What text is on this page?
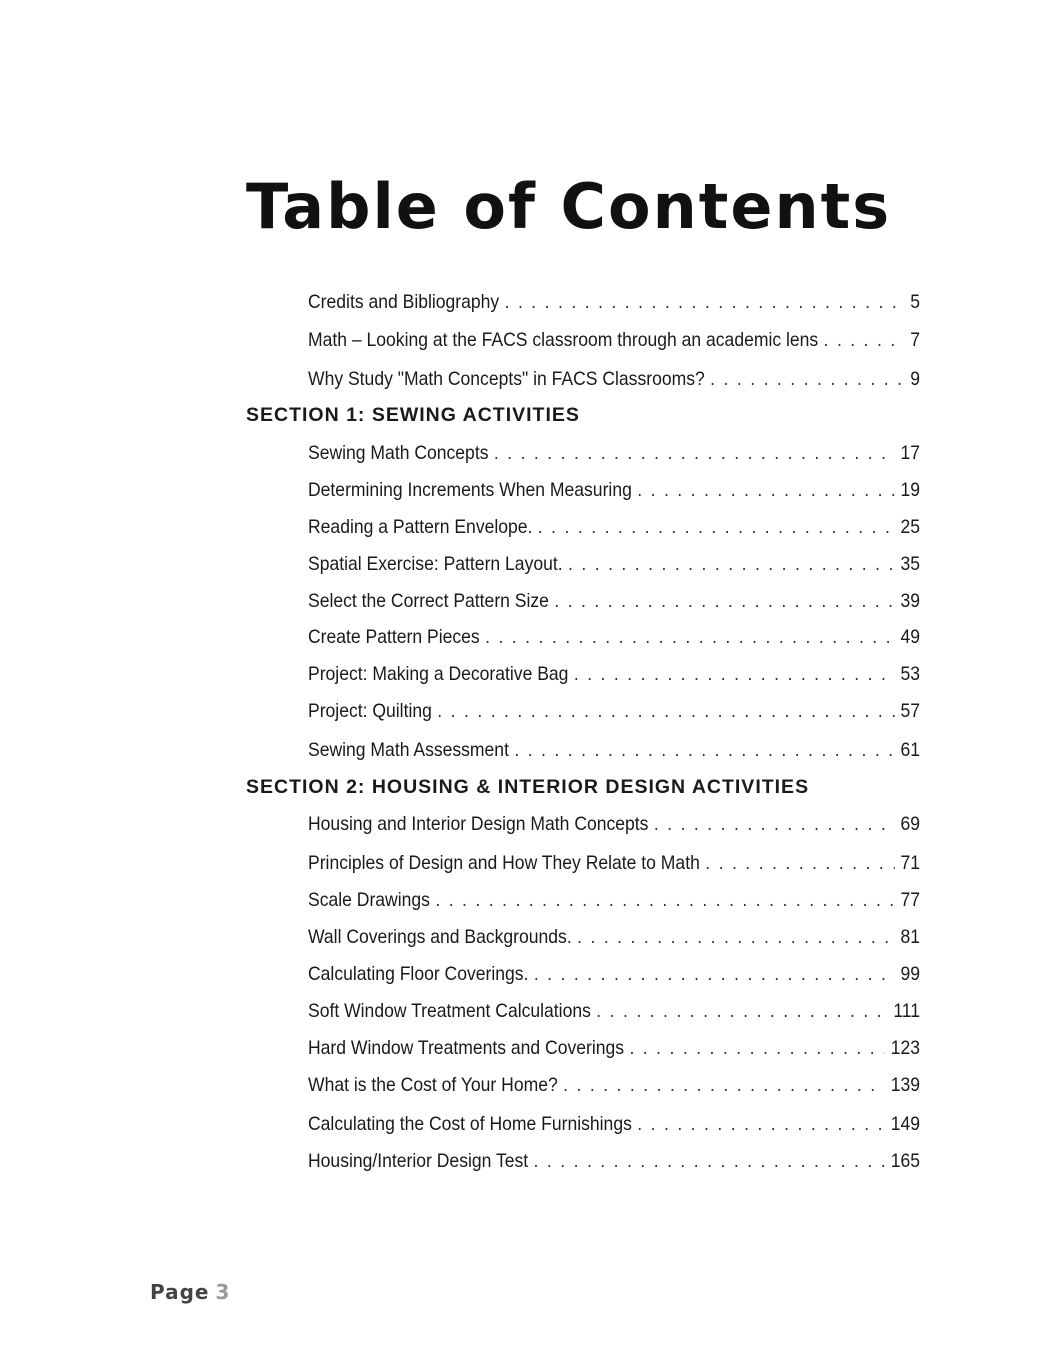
Table of Contents
Credits and Bibliography . . .	5
Math – Looking at the FACS classroom through an academic lens . . .	7
Why Study "Math Concepts" in FACS Classrooms? . . .	9
SECTION 1: SEWING ACTIVITIES
Sewing Math Concepts . . .	17
Determining Increments When Measuring . . .	19
Reading a Pattern Envelope. . . .	25
Spatial Exercise: Pattern Layout. . . .	35
Select the Correct Pattern Size . . .	39
Create Pattern Pieces . . .	49
Project: Making a Decorative Bag . . .	53
Project: Quilting . . .	57
Sewing Math Assessment . . .	61
SECTION 2: HOUSING & INTERIOR DESIGN ACTIVITIES
Housing and Interior Design Math Concepts . . .	69
Principles of Design and How They Relate to Math . . .	71
Scale Drawings . . .	77
Wall Coverings and Backgrounds. . . .	81
Calculating Floor Coverings. . . .	99
Soft Window Treatment Calculations . . .	111
Hard Window Treatments and Coverings . . .	123
What is the Cost of Your Home? . . .	139
Calculating the Cost of Home Furnishings . . .	149
Housing/Interior Design Test . . .	165
Page 3
